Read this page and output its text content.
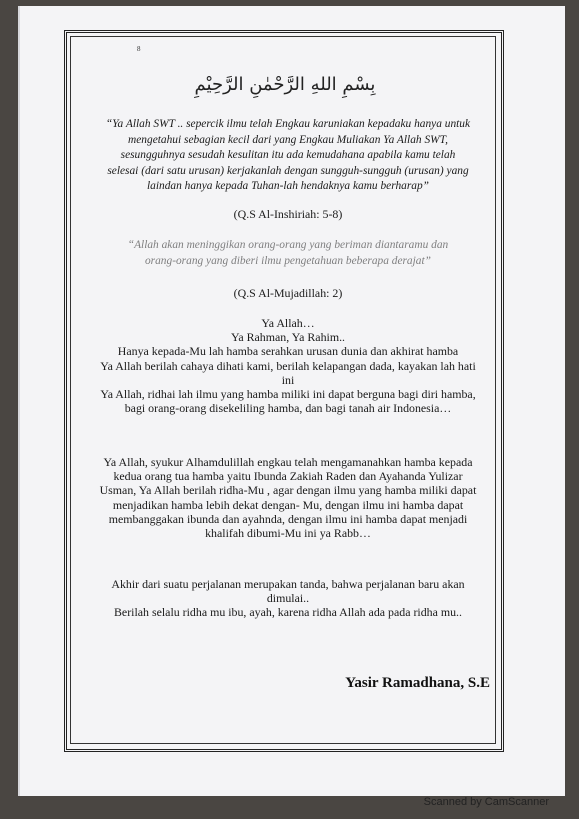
8
بِسْمِ اللهِ الرَّحْمٰنِ الرَّحِيْمِ
“Ya Allah SWT .. sepercik ilmu telah Engkau karuniakan kepadaku hanya untuk
mengetahui sebagian kecil dari yang Engkau Muliakan Ya Allah SWT,
sesungguhnya sesudah kesulitan itu ada kemudahana apabila kamu telah
selesai (dari satu urusan) kerjakanlah dengan sungguh-sungguh (urusan) yang
laindan hanya kepada Tuhan-lah hendaknya kamu berharap”
(Q.S Al-Inshiriah: 5-8)
“Allah akan meninggikan orang-orang yang beriman diantaramu dan
orang-orang yang diberi ilmu pengetahuan beberapa derajat”
(Q.S Al-Mujadillah: 2)
Ya Allah…
Ya Rahman, Ya Rahim..
Hanya kepada-Mu lah hamba serahkan urusan dunia dan akhirat hamba
Ya Allah berilah cahaya dihati kami, berilah kelapangan dada, kayakan lah hati
ini
Ya Allah, ridhai lah ilmu yang hamba miliki ini dapat berguna bagi diri hamba,
bagi orang-orang disekeliling hamba, dan bagi tanah air Indonesia…
Ya Allah, syukur Alhamdulillah engkau telah mengamanahkan hamba kepada
kedua orang tua hamba yaitu Ibunda Zakiah Raden dan Ayahanda Yulizar
Usman, Ya Allah berilah ridha-Mu , agar dengan ilmu yang hamba miliki dapat
menjadikan hamba lebih dekat dengan- Mu, dengan ilmu ini hamba dapat
membanggakan ibunda dan ayahnda, dengan ilmu ini hamba dapat menjadi
khalifah dibumi-Mu ini ya Rabb…
Akhir dari suatu perjalanan merupakan tanda, bahwa perjalanan baru akan
dimulai..
Berilah selalu ridha mu ibu, ayah, karena ridha Allah ada pada ridha mu..
Yasir Ramadhana, S.E
Scanned by CamScanner
